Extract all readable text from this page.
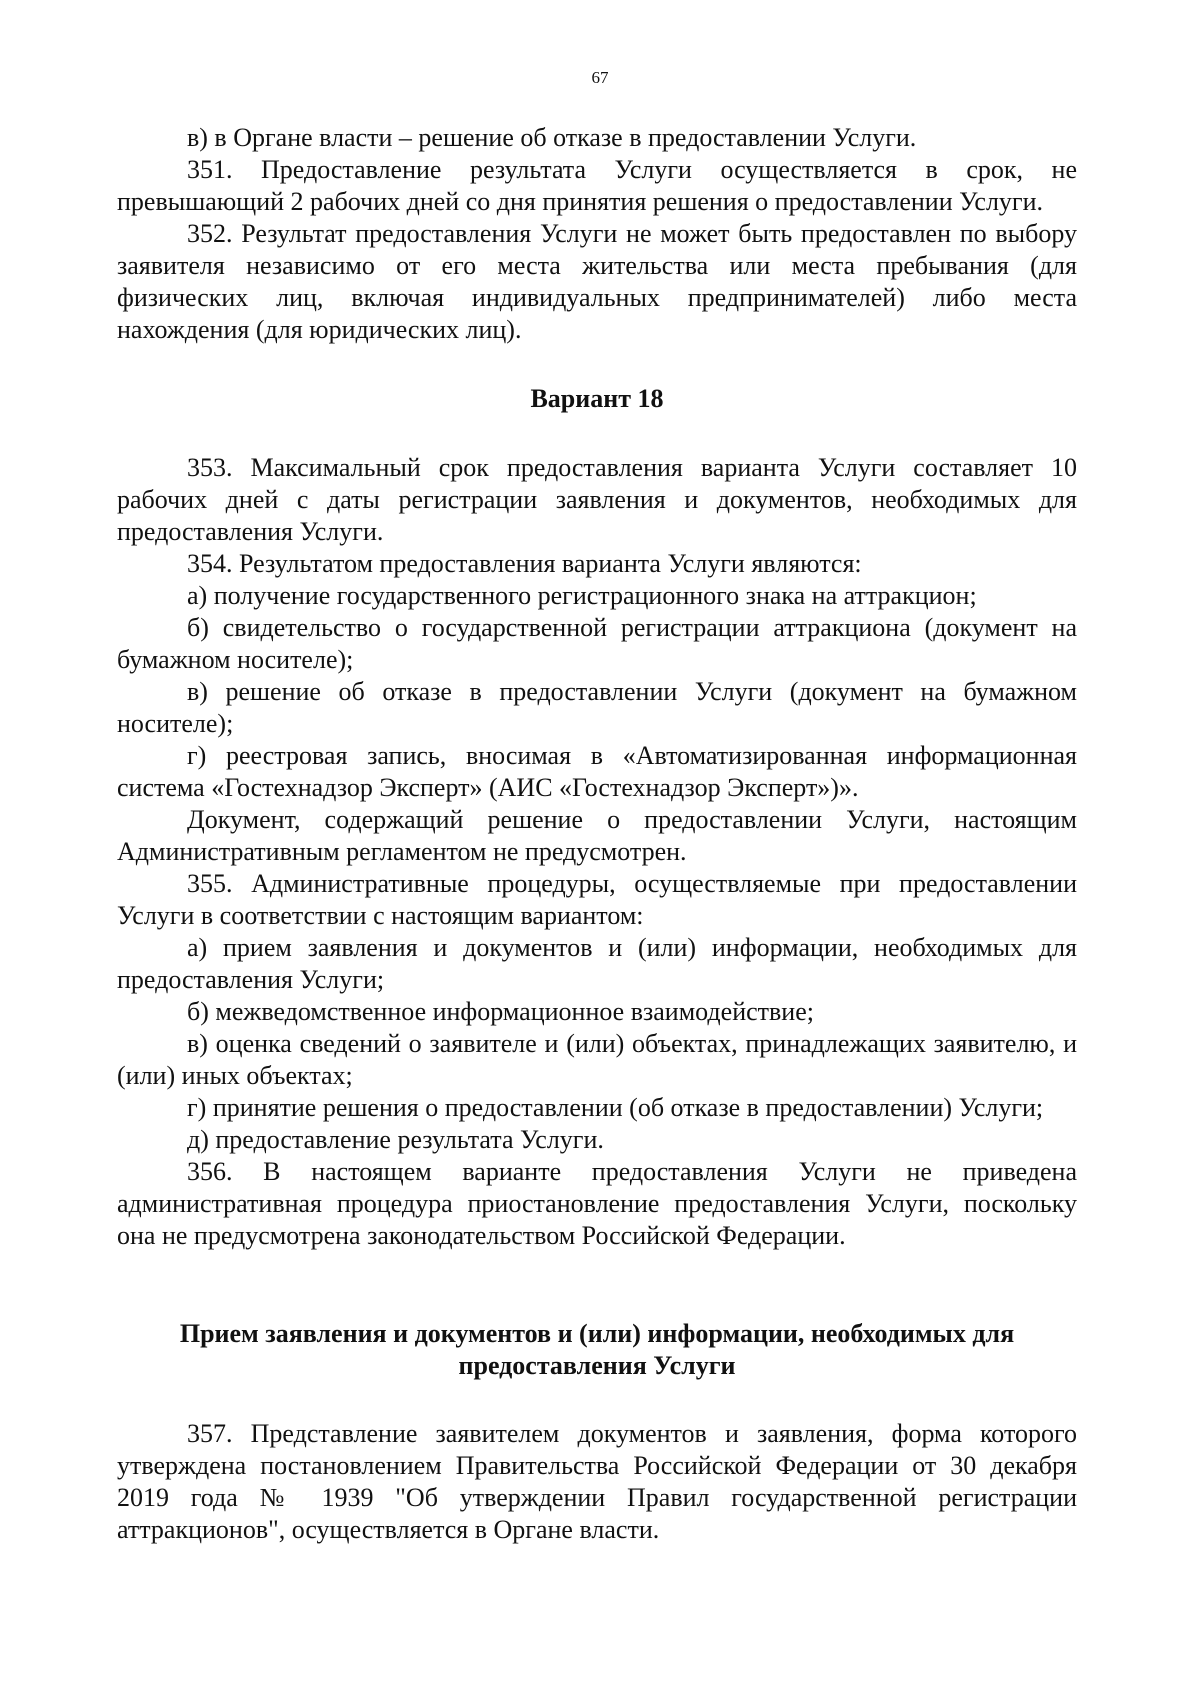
67

в) в Органе власти – решение об отказе в предоставлении Услуги.

351. Предоставление результата Услуги осуществляется в срок, не превышающий 2 рабочих дней со дня принятия решения о предоставлении Услуги.

352. Результат предоставления Услуги не может быть предоставлен по выбору заявителя независимо от его места жительства или места пребывания (для физических лиц, включая индивидуальных предпринимателей) либо места нахождения (для юридических лиц).

Вариант 18

353. Максимальный срок предоставления варианта Услуги составляет 10 рабочих дней с даты регистрации заявления и документов, необходимых для предоставления Услуги.

354. Результатом предоставления варианта Услуги являются:

а) получение государственного регистрационного знака на аттракцион;

б) свидетельство о государственной регистрации аттракциона (документ на бумажном носителе);

в) решение об отказе в предоставлении Услуги (документ на бумажном носителе);

г) реестровая запись, вносимая в «Автоматизированная информационная система «Гостехнадзор Эксперт» (АИС «Гостехнадзор Эксперт»)».

Документ, содержащий решение о предоставлении Услуги, настоящим Административным регламентом не предусмотрен.

355. Административные процедуры, осуществляемые при предоставлении Услуги в соответствии с настоящим вариантом:

а) прием заявления и документов и (или) информации, необходимых для предоставления Услуги;

б) межведомственное информационное взаимодействие;

в) оценка сведений о заявителе и (или) объектах, принадлежащих заявителю, и (или) иных объектах;

г) принятие решения о предоставлении (об отказе в предоставлении) Услуги;

д) предоставление результата Услуги.

356. В настоящем варианте предоставления Услуги не приведена административная процедура приостановление предоставления Услуги, поскольку она не предусмотрена законодательством Российской Федерации.

Прием заявления и документов и (или) информации, необходимых для
предоставления Услуги

357. Представление заявителем документов и заявления, форма которого утверждена постановлением Правительства Российской Федерации от 30 декабря 2019 года № 1939 "Об утверждении Правил государственной регистрации аттракционов", осуществляется в Органе власти.
